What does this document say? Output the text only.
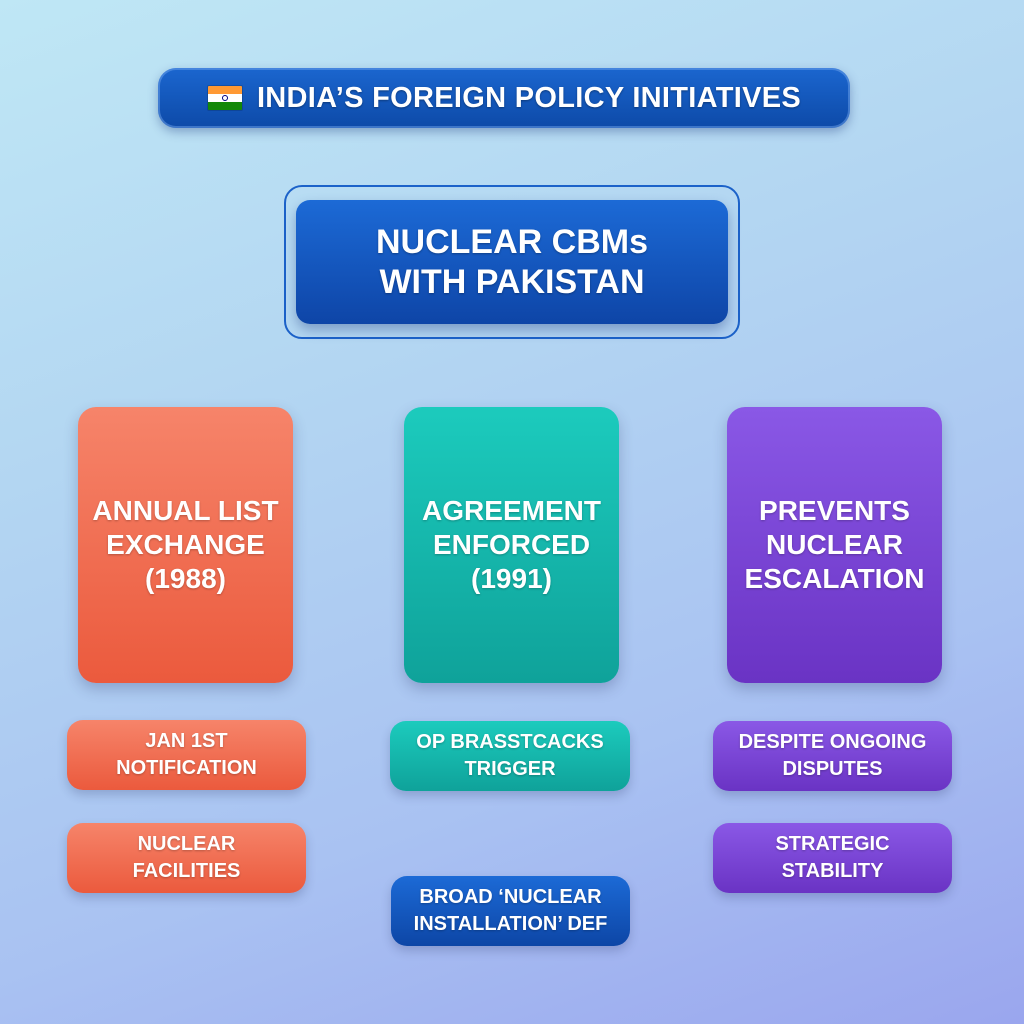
INDIA’S FOREIGN POLICY INITIATIVES
NUCLEAR CBMs
WITH PAKISTAN
ANNUAL LIST
EXCHANGE
(1988)
AGREEMENT
ENFORCED
(1991)
PREVENTS
NUCLEAR
ESCALATION
JAN 1ST
NOTIFICATION
NUCLEAR
FACILITIES
OP BRASSTCACKS
TRIGGER
BROAD ‘NUCLEAR
INSTALLATION’ DEF
DESPITE ONGOING
DISPUTES
STRATEGIC
STABILITY
